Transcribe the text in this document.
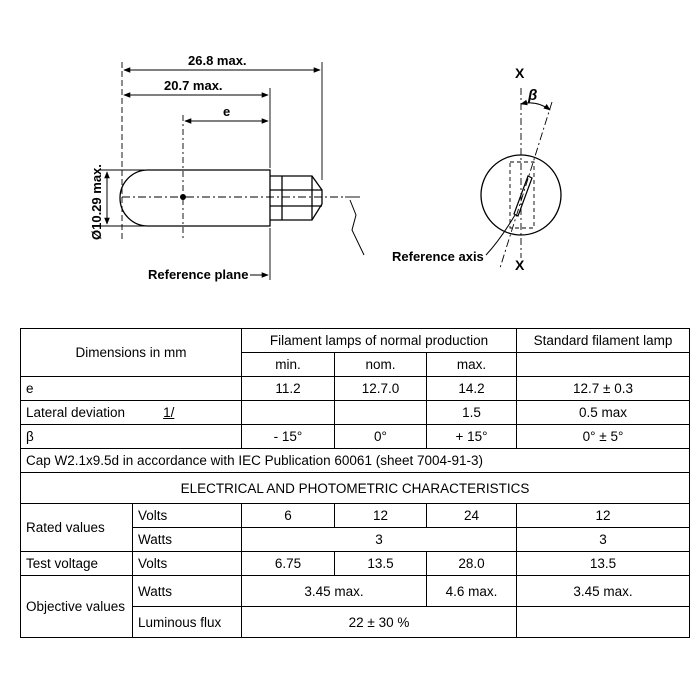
26.8 max.
20.7 max.
e
Ø10.29 max.
Reference plane
X
X
β
Reference axis
Dimensions in mm		Filament lamps of normal production			Standard filament lamp
		min.	nom.	max.	
e		11.2	12.7.0	14.2	12.7 ± 0.3
Lateral deviation 1/				1.5	0.5 max
β		- 15°	0°	+ 15°	0° ± 5°
Cap W2.1x9.5d in accordance with IEC Publication 60061 (sheet 7004-91-3)					
ELECTRICAL AND PHOTOMETRIC CHARACTERISTICS					
Rated values	Volts	6	12	24	12
	Watts	3			3
Test voltage	Volts	6.75	13.5	28.0	13.5
Objective values	Watts	3.45 max.		4.6 max.	3.45 max.
	Luminous flux	22 ± 30 %			
